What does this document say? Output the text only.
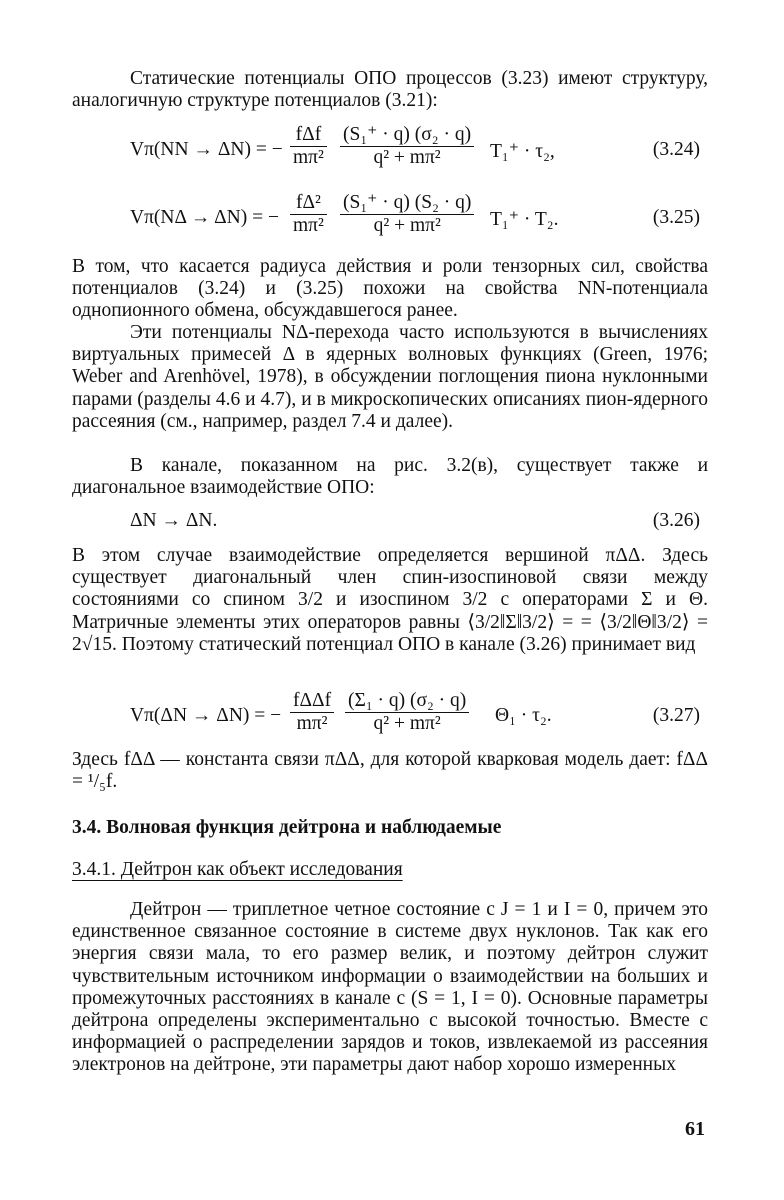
Статические потенциалы ОПО процессов (3.23) имеют структуру, аналогичную структуре потенциалов (3.21):

Vπ(NN → ΔN) = −
fΔf
$m\pi^2 \frac{\text{(S₁⁺ · q) (σ₂ · q)}}{\text{q² + mπ²}} T_1^+ \cdot \tau_2$,	(3.24)
Vπ(NΔ → ΔN) = − $\frac{\text{fΔ²}}{\text{mπ²}} \frac{\text{(S₁⁺ · q) (S₂ · q)}}{\text{q² + mπ²}} T_1^+ \cdot T_2$.	(3.25)

В том, что касается радиуса действия и роли тензорных сил, свойства потенциалов (3.24) и (3.25) похожи на свойства NN-потенциала однопионного обмена, обсуждавшегося ранее.

Эти потенциалы NΔ-перехода часто используются в вычислениях виртуальных примесей Δ в ядерных волновых функциях (Green, 1976; Weber and Arenhövel, 1978), в обсуждении поглощения пиона нуклонными парами (разделы 4.6 и 4.7), и в микроскопических описаниях пион-ядерного рассеяния (см., например, раздел 7.4 и далее).

В канале, показанном на рис. 3.2(в), существует также и диагональное взаимодействие ОПО:

ΔN → ΔN.	(3.26)

В этом случае взаимодействие определяется вершиной πΔΔ. Здесь существует диагональный член спин-изоспиновой связи между состояниями со спином 3/2 и изоспином 3/2 с операторами Σ и Θ. Матричные элементы этих операторов равны ⟨3/2‖Σ‖3/2⟩ = = ⟨3/2‖Θ‖3/2⟩ = 2√15. Поэтому статический потенциал ОПО в канале (3.26) принимает вид

Vπ(ΔN → ΔN) = −
fΔΔf
$m\pi^2 \frac{\text{(Σ₁ · q) (σ₂ · q)}}{\text{q² + mπ²}} \Theta_1 \cdot \tau_2$.	(3.27)

Здесь fΔΔ — константа связи πΔΔ, для которой кварковая модель дает: fΔΔ = ¹/₅f.

3.4. Волновая функция дейтрона и наблюдаемые
3.4.1. Дейтрон как объект исследования

Дейтрон — триплетное четное состояние с J = 1 и I = 0, причем это единственное связанное состояние в системе двух нуклонов. Так как его энергия связи мала, то его размер велик, и поэтому дейтрон служит чувствительным источником информации о взаимодействии на больших и промежуточных расстояниях в канале с (S = 1, I = 0). Основные параметры дейтрона определены экспериментально с высокой точностью. Вместе с информацией о распределении зарядов и токов, извлекаемой из рассеяния электронов на дейтроне, эти параметры дают набор хорошо измеренных

61
